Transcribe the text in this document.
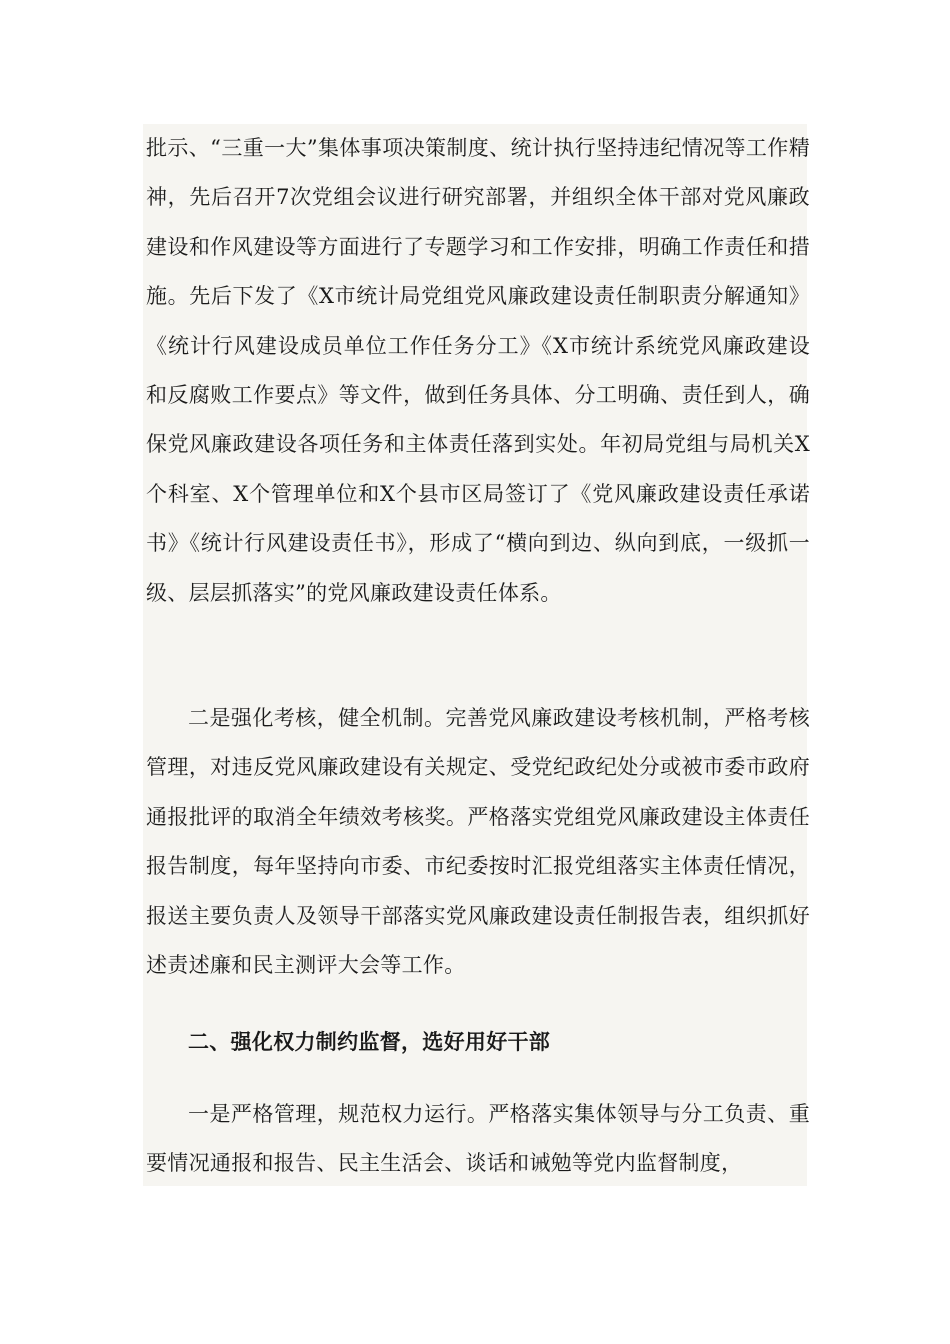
批示、“三重一大”集体事项决策制度、统计执行坚持违纪情况等工作精神，先后召开7次党组会议进行研究部署，并组织全体干部对党风廉政建设和作风建设等方面进行了专题学习和工作安排，明确工作责任和措施。先后下发了《X市统计局党组党风廉政建设责任制职责分解通知》《统计行风建设成员单位工作任务分工》《X市统计系统党风廉政建设和反腐败工作要点》等文件，做到任务具体、分工明确、责任到人，确保党风廉政建设各项任务和主体责任落到实处。年初局党组与局机关X个科室、X个管理单位和X个县市区局签订了《党风廉政建设责任承诺书》《统计行风建设责任书》，形成了“横向到边、纵向到底，一级抓一级、层层抓落实”的党风廉政建设责任体系。

二是强化考核，健全机制。完善党风廉政建设考核机制，严格考核管理，对违反党风廉政建设有关规定、受党纪政纪处分或被市委市政府通报批评的取消全年绩效考核奖。严格落实党组党风廉政建设主体责任报告制度，每年坚持向市委、市纪委按时汇报党组落实主体责任情况，报送主要负责人及领导干部落实党风廉政建设责任制报告表，组织抓好述责述廉和民主测评大会等工作。

二、强化权力制约监督，选好用好干部

一是严格管理，规范权力运行。严格落实集体领导与分工负责、重要情况通报和报告、民主生活会、谈话和诫勉等党内监督制度，
